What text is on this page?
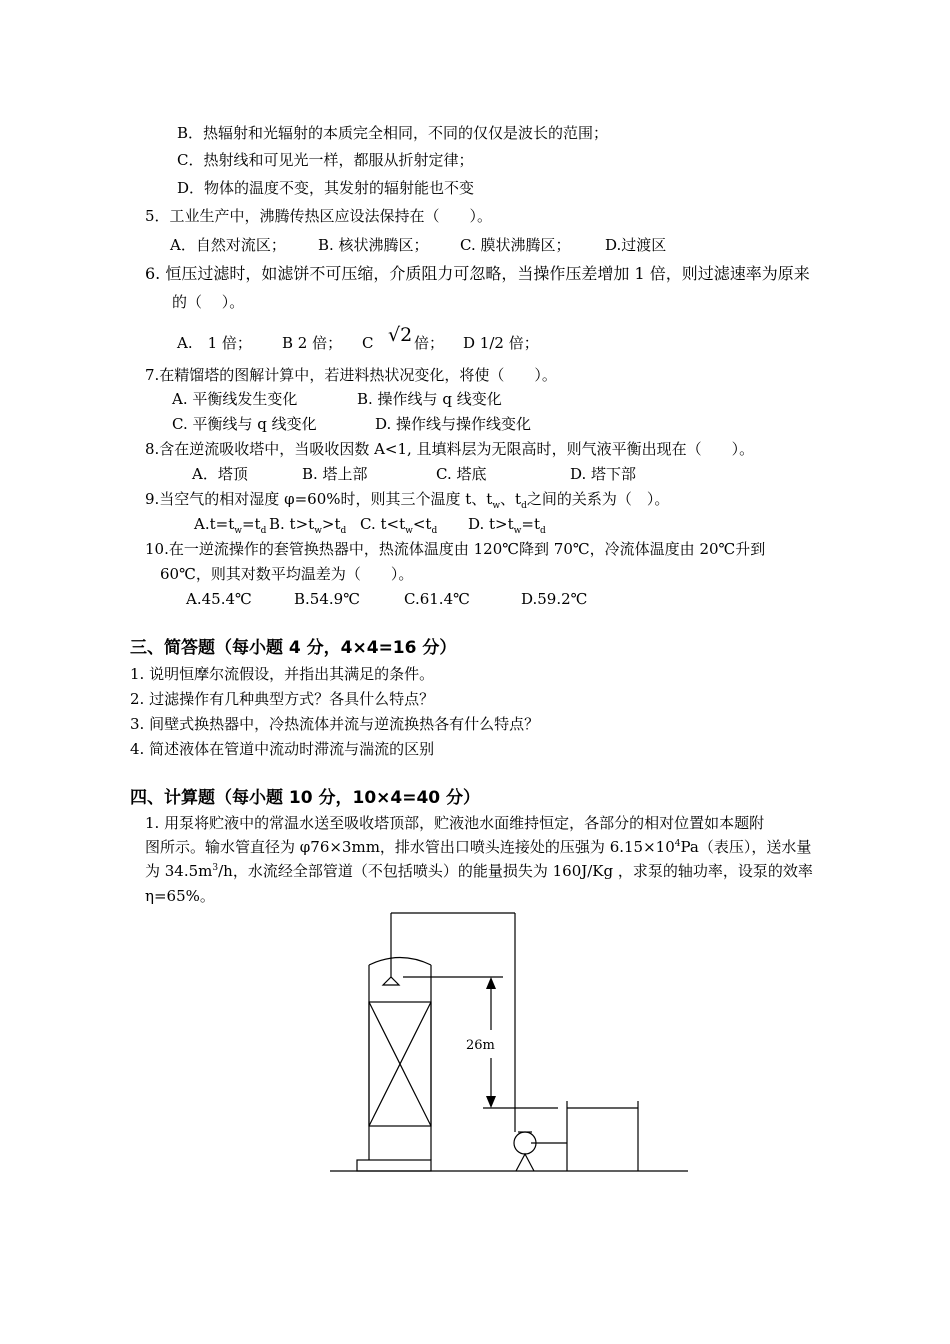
B．热辐射和光辐射的本质完全相同，不同的仅仅是波长的范围；
C．热射线和可见光一样，都服从折射定律；
D．物体的温度不变，其发射的辐射能也不变
5．工业生产中，沸腾传热区应设法保持在（　　）。
A．自然对流区； B. 核状沸腾区； C. 膜状沸腾区； D.过渡区
6. 恒压过滤时，如滤饼不可压缩，介质阻力可忽略，当操作压差增加 1 倍，则过滤速率为原来
的（　 ）。
A.　1 倍； B 2 倍； C √2 倍； D 1/2 倍；
7.在精馏塔的图解计算中，若进料热状况变化，将使（　　）。
A. 平衡线发生变化	B. 操作线与 q 线变化
C. 平衡线与 q 线变化	D. 操作线与操作线变化
8.含在逆流吸收塔中，当吸收因数 A<1, 且填料层为无限高时，则气液平衡出现在（　　）。
A．塔顶	B. 塔上部	C. 塔底	D. 塔下部
9.当空气的相对湿度 φ=60%时，则其三个温度 t、$t_w$、$t_d$之间的关系为（　）。
$A.t=t_w=t_d$ B. $t>t_w>t_d$ C. $t<t_w<t_d$ D. $t>t_w=t_d$
10.在一逆流操作的套管换热器中，热流体温度由 120℃降到 70℃，冷流体温度由 20℃升到
60℃，则其对数平均温差为（　　）。
A.45.4℃	B.54.9℃	C.61.4℃	D.59.2℃
三、简答题（每小题 4 分，4×4=16 分）
1. 说明恒摩尔流假设，并指出其满足的条件。
2. 过滤操作有几种典型方式？各具什么特点？
3. 间壁式换热器中，冷热流体并流与逆流换热各有什么特点？
4. 简述液体在管道中流动时滞流与湍流的区别
四、计算题（每小题 10 分，10×4=40 分）
1. 用泵将贮液中的常温水送至吸收塔顶部，贮液池水面维持恒定，各部分的相对位置如本题附
图所示。输水管直径为 φ76×3mm，排水管出口喷头连接处的压强为 $6.15\times 10^4Pa$（表压），送水量
为 $34.5m^3/h$，水流经全部管道（不包括喷头）的能量损失为 160J/Kg ，求泵的轴功率，设泵的效率
η=65%。
26m
